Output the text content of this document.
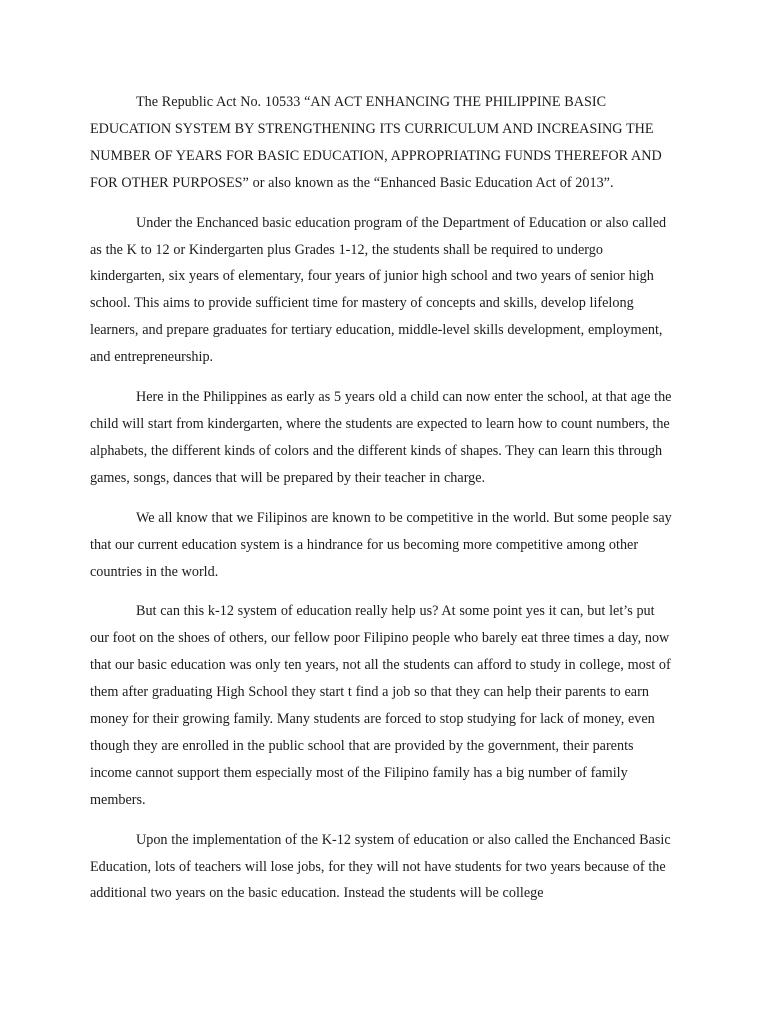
The Republic Act No. 10533 “AN ACT ENHANCING THE PHILIPPINE BASIC EDUCATION SYSTEM BY STRENGTHENING ITS CURRICULUM AND INCREASING THE NUMBER OF YEARS FOR BASIC EDUCATION, APPROPRIATING FUNDS THEREFOR AND FOR OTHER PURPOSES” or also known as the “Enhanced Basic Education Act of 2013”.

Under the Enchanced basic education program of the Department of Education or also called as the K to 12 or Kindergarten plus Grades 1-12, the students shall be required to undergo kindergarten, six years of elementary, four years of junior high school and two years of senior high school. This aims to provide sufficient time for mastery of concepts and skills, develop lifelong learners, and prepare graduates for tertiary education, middle-level skills development, employment, and entrepreneurship.

Here in the Philippines as early as 5 years old a child can now enter the school, at that age the child will start from kindergarten, where the students are expected to learn how to count numbers, the alphabets, the different kinds of colors and the different kinds of shapes. They can learn this through games, songs, dances that will be prepared by their teacher in charge.

We all know that we Filipinos are known to be competitive in the world. But some people say that our current education system is a hindrance for us becoming more competitive among other countries in the world.

But can this k-12 system of education really help us? At some point yes it can, but let’s put our foot on the shoes of others, our fellow poor Filipino people who barely eat three times a day, now that our basic education was only ten years, not all the students can afford to study in college, most of them after graduating High School they start t find a job so that they can help their parents to earn money for their growing family. Many students are forced to stop studying for lack of money, even though they are enrolled in the public school that are provided by the government, their parents income cannot support them especially most of the Filipino family has a big number of family members.

Upon the implementation of the K-12 system of education or also called the Enchanced Basic Education, lots of teachers will lose jobs, for they will not have students for two years because of the additional two years on the basic education. Instead the students will be college
